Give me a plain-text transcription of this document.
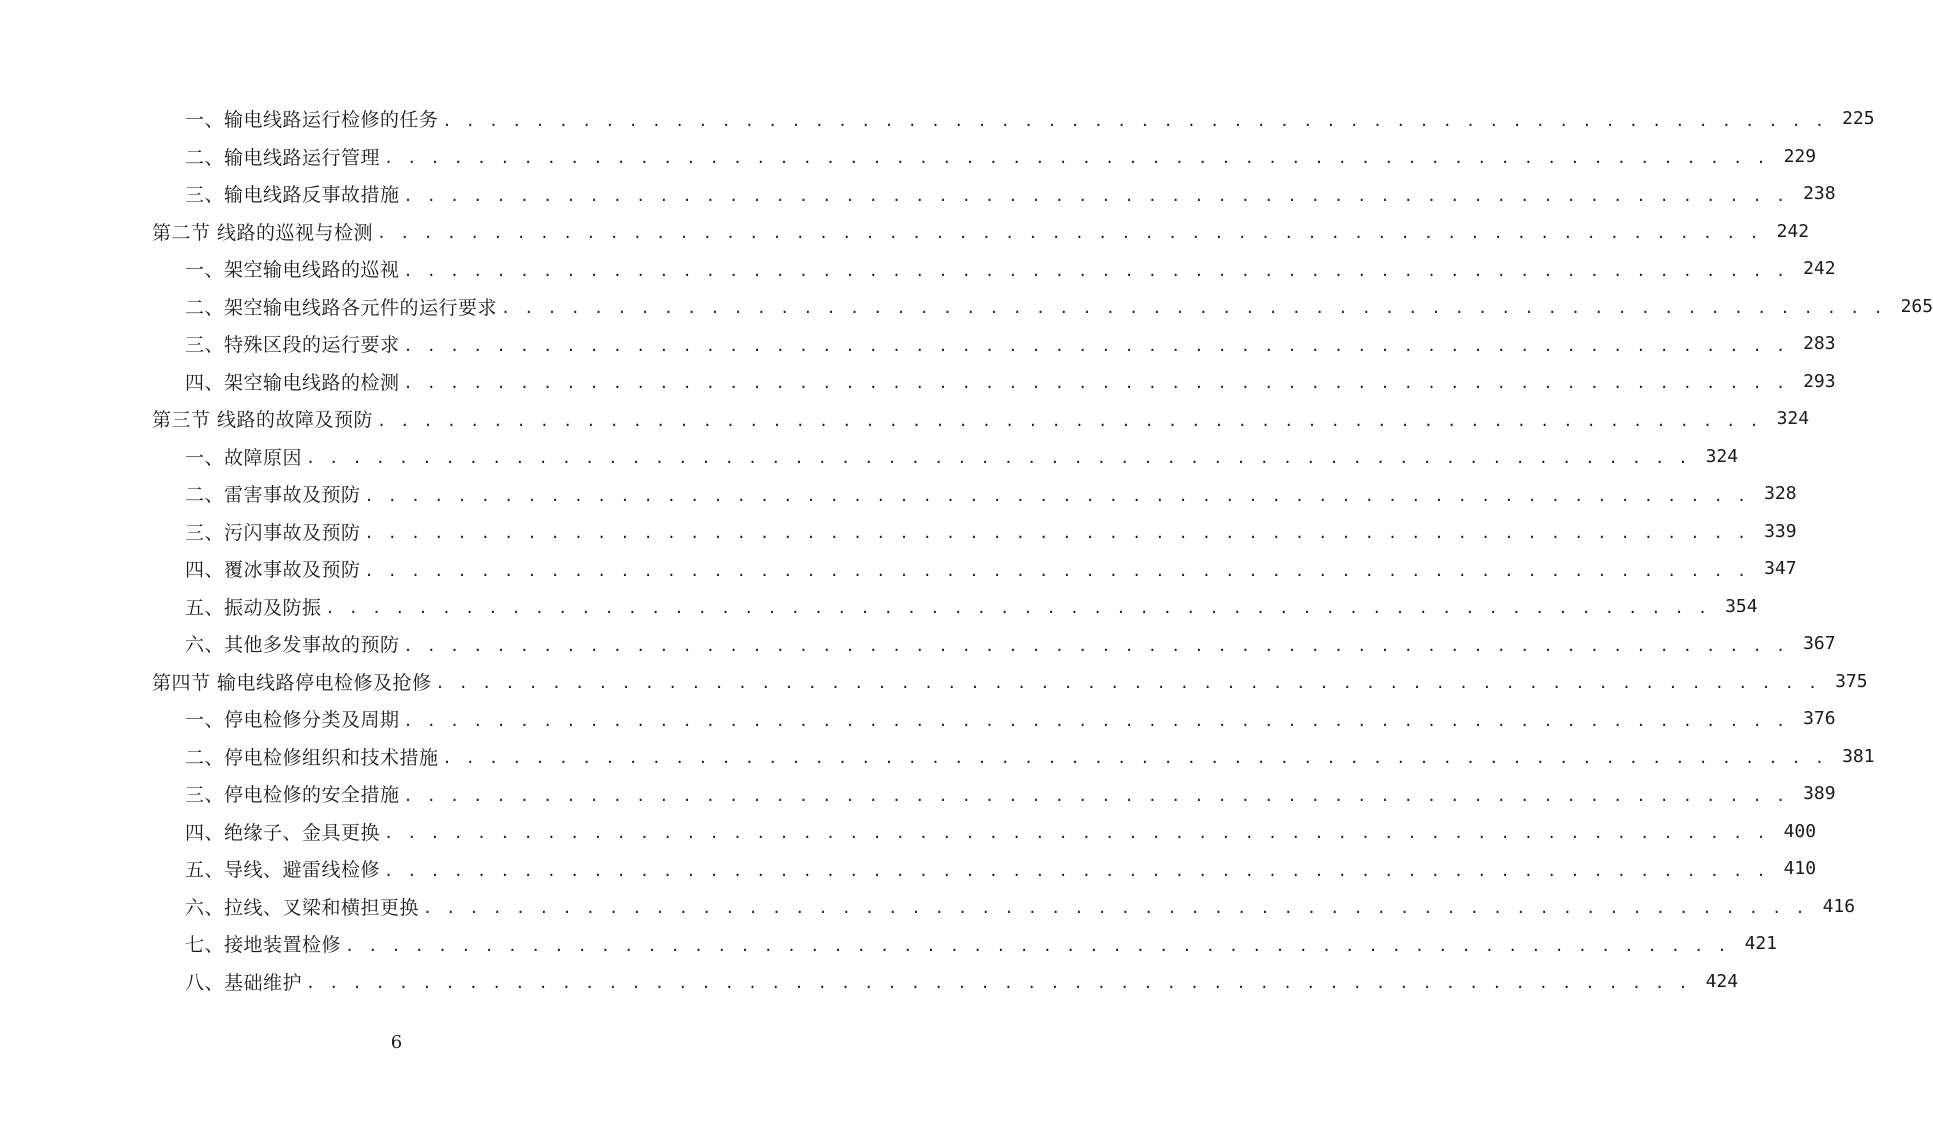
一、输电线路运行检修的任务 . . . . . . . . . . . . . . . . . . . . . . . . . . . . . . . . . . . . . . . . . . . . . . . . . . . . . . . . . . . . 225
二、输电线路运行管理 . . . . . . . . . . . . . . . . . . . . . . . . . . . . . . . . . . . . . . . . . . . . . . . . . . . . . . . . . . . . 229
三、输电线路反事故措施 . . . . . . . . . . . . . . . . . . . . . . . . . . . . . . . . . . . . . . . . . . . . . . . . . . . . . . . . . . . . 238
第二节 线路的巡视与检测 . . . . . . . . . . . . . . . . . . . . . . . . . . . . . . . . . . . . . . . . . . . . . . . . . . . . . . . . . . . . 242
一、架空输电线路的巡视 . . . . . . . . . . . . . . . . . . . . . . . . . . . . . . . . . . . . . . . . . . . . . . . . . . . . . . . . . . . . 242
二、架空输电线路各元件的运行要求 . . . . . . . . . . . . . . . . . . . . . . . . . . . . . . . . . . . . . . . . . . . . . . . . . . . . . . . . . . . . 265
三、特殊区段的运行要求 . . . . . . . . . . . . . . . . . . . . . . . . . . . . . . . . . . . . . . . . . . . . . . . . . . . . . . . . . . . . 283
四、架空输电线路的检测 . . . . . . . . . . . . . . . . . . . . . . . . . . . . . . . . . . . . . . . . . . . . . . . . . . . . . . . . . . . . 293
第三节 线路的故障及预防 . . . . . . . . . . . . . . . . . . . . . . . . . . . . . . . . . . . . . . . . . . . . . . . . . . . . . . . . . . . . 324
一、故障原因 . . . . . . . . . . . . . . . . . . . . . . . . . . . . . . . . . . . . . . . . . . . . . . . . . . . . . . . . . . . . 324
二、雷害事故及预防 . . . . . . . . . . . . . . . . . . . . . . . . . . . . . . . . . . . . . . . . . . . . . . . . . . . . . . . . . . . . 328
三、污闪事故及预防 . . . . . . . . . . . . . . . . . . . . . . . . . . . . . . . . . . . . . . . . . . . . . . . . . . . . . . . . . . . . 339
四、覆冰事故及预防 . . . . . . . . . . . . . . . . . . . . . . . . . . . . . . . . . . . . . . . . . . . . . . . . . . . . . . . . . . . . 347
五、振动及防振 . . . . . . . . . . . . . . . . . . . . . . . . . . . . . . . . . . . . . . . . . . . . . . . . . . . . . . . . . . . . 354
六、其他多发事故的预防 . . . . . . . . . . . . . . . . . . . . . . . . . . . . . . . . . . . . . . . . . . . . . . . . . . . . . . . . . . . . 367
第四节 输电线路停电检修及抢修 . . . . . . . . . . . . . . . . . . . . . . . . . . . . . . . . . . . . . . . . . . . . . . . . . . . . . . . . . . . . 375
一、停电检修分类及周期 . . . . . . . . . . . . . . . . . . . . . . . . . . . . . . . . . . . . . . . . . . . . . . . . . . . . . . . . . . . . 376
二、停电检修组织和技术措施 . . . . . . . . . . . . . . . . . . . . . . . . . . . . . . . . . . . . . . . . . . . . . . . . . . . . . . . . . . . . 381
三、停电检修的安全措施 . . . . . . . . . . . . . . . . . . . . . . . . . . . . . . . . . . . . . . . . . . . . . . . . . . . . . . . . . . . . 389
四、绝缘子、金具更换 . . . . . . . . . . . . . . . . . . . . . . . . . . . . . . . . . . . . . . . . . . . . . . . . . . . . . . . . . . . . 400
五、导线、避雷线检修 . . . . . . . . . . . . . . . . . . . . . . . . . . . . . . . . . . . . . . . . . . . . . . . . . . . . . . . . . . . . 410
六、拉线、叉梁和横担更换 . . . . . . . . . . . . . . . . . . . . . . . . . . . . . . . . . . . . . . . . . . . . . . . . . . . . . . . . . . . . 416
七、接地装置检修 . . . . . . . . . . . . . . . . . . . . . . . . . . . . . . . . . . . . . . . . . . . . . . . . . . . . . . . . . . . . 421
八、基础维护 . . . . . . . . . . . . . . . . . . . . . . . . . . . . . . . . . . . . . . . . . . . . . . . . . . . . . . . . . . . . 424
6
